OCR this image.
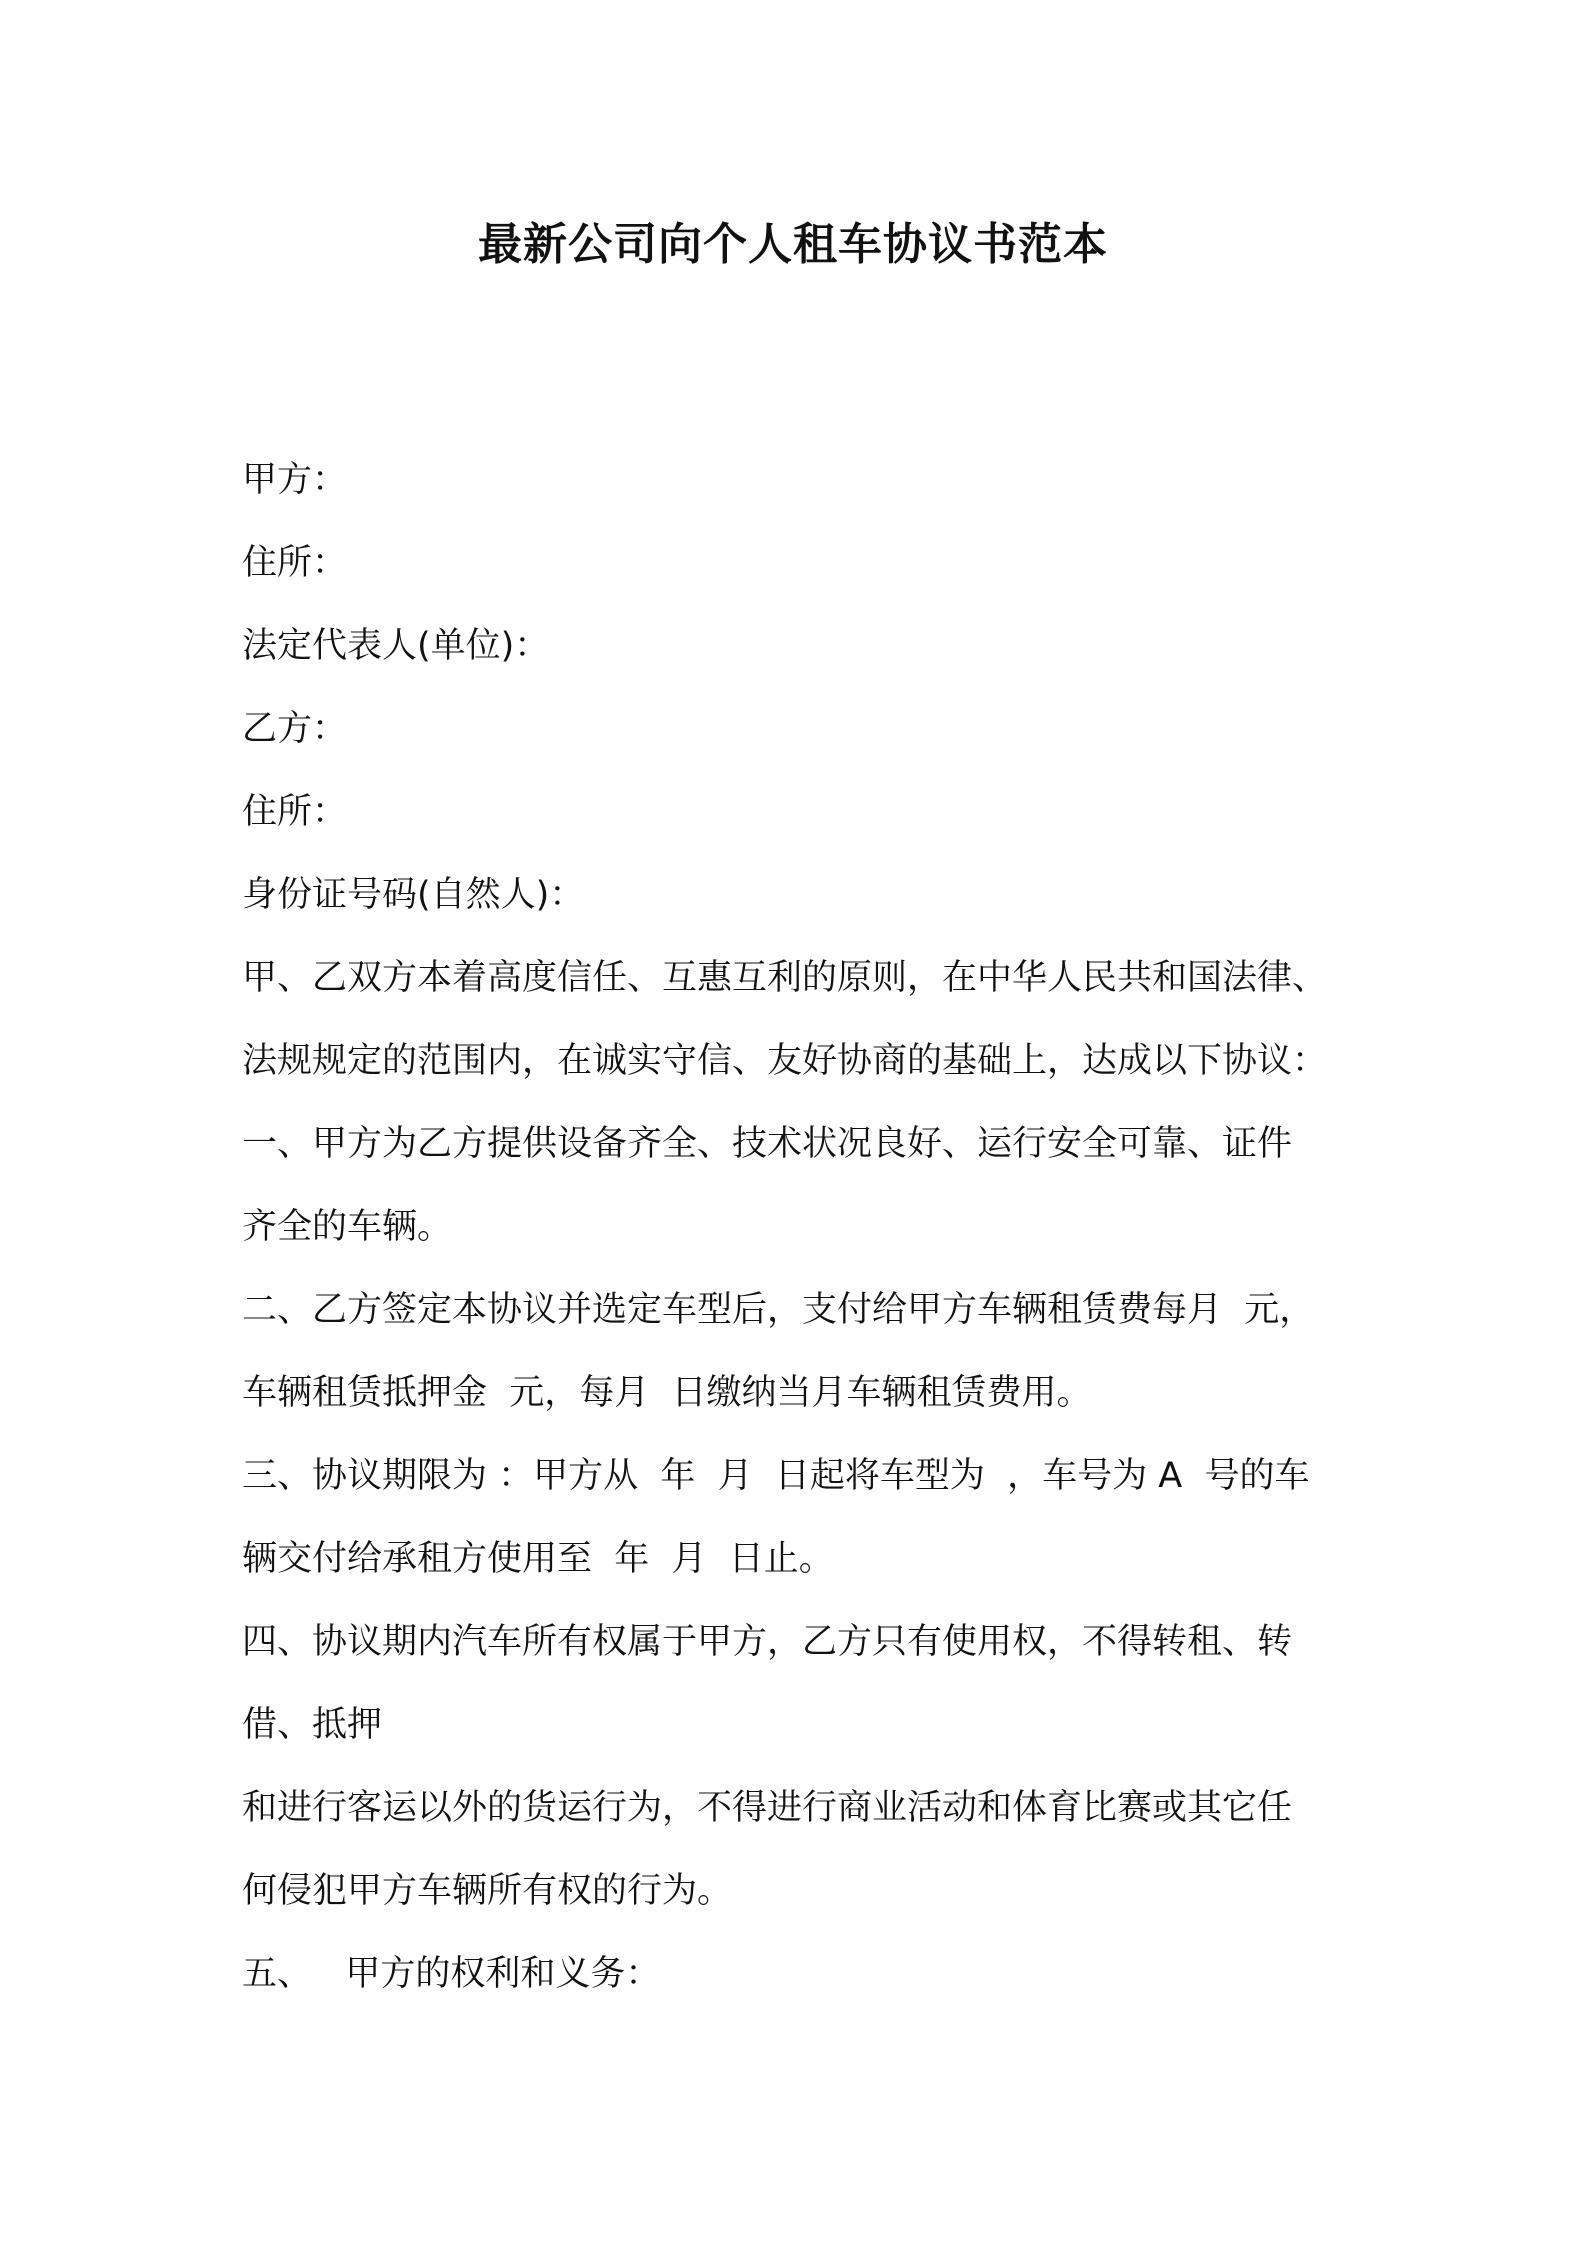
最新公司向个人租车协议书范本

甲方：

住所：

法定代表人(单位)：

乙方：

住所：

身份证号码(自然人)：

甲、乙双方本着高度信任、互惠互利的原则，在中华人民共和国法律、

法规规定的范围内，在诚实守信、友好协商的基础上，达成以下协议：

一、甲方为乙方提供设备齐全、技术状况良好、运行安全可靠、证件

齐全的车辆。

二、乙方签定本协议并选定车型后，支付给甲方车辆租赁费每月  元，

车辆租赁抵押金  元，每月  日缴纳当月车辆租赁费用。

三、协议期限为 ：甲方从  年  月  日起将车型为  ，车号为 A  号的车

辆交付给承租方使用至  年  月  日止。

四、协议期内汽车所有权属于甲方，乙方只有使用权，不得转租、转

借、抵押

和进行客运以外的货运行为，不得进行商业活动和体育比赛或其它任

何侵犯甲方车辆所有权的行为。

五、   甲方的权利和义务：
